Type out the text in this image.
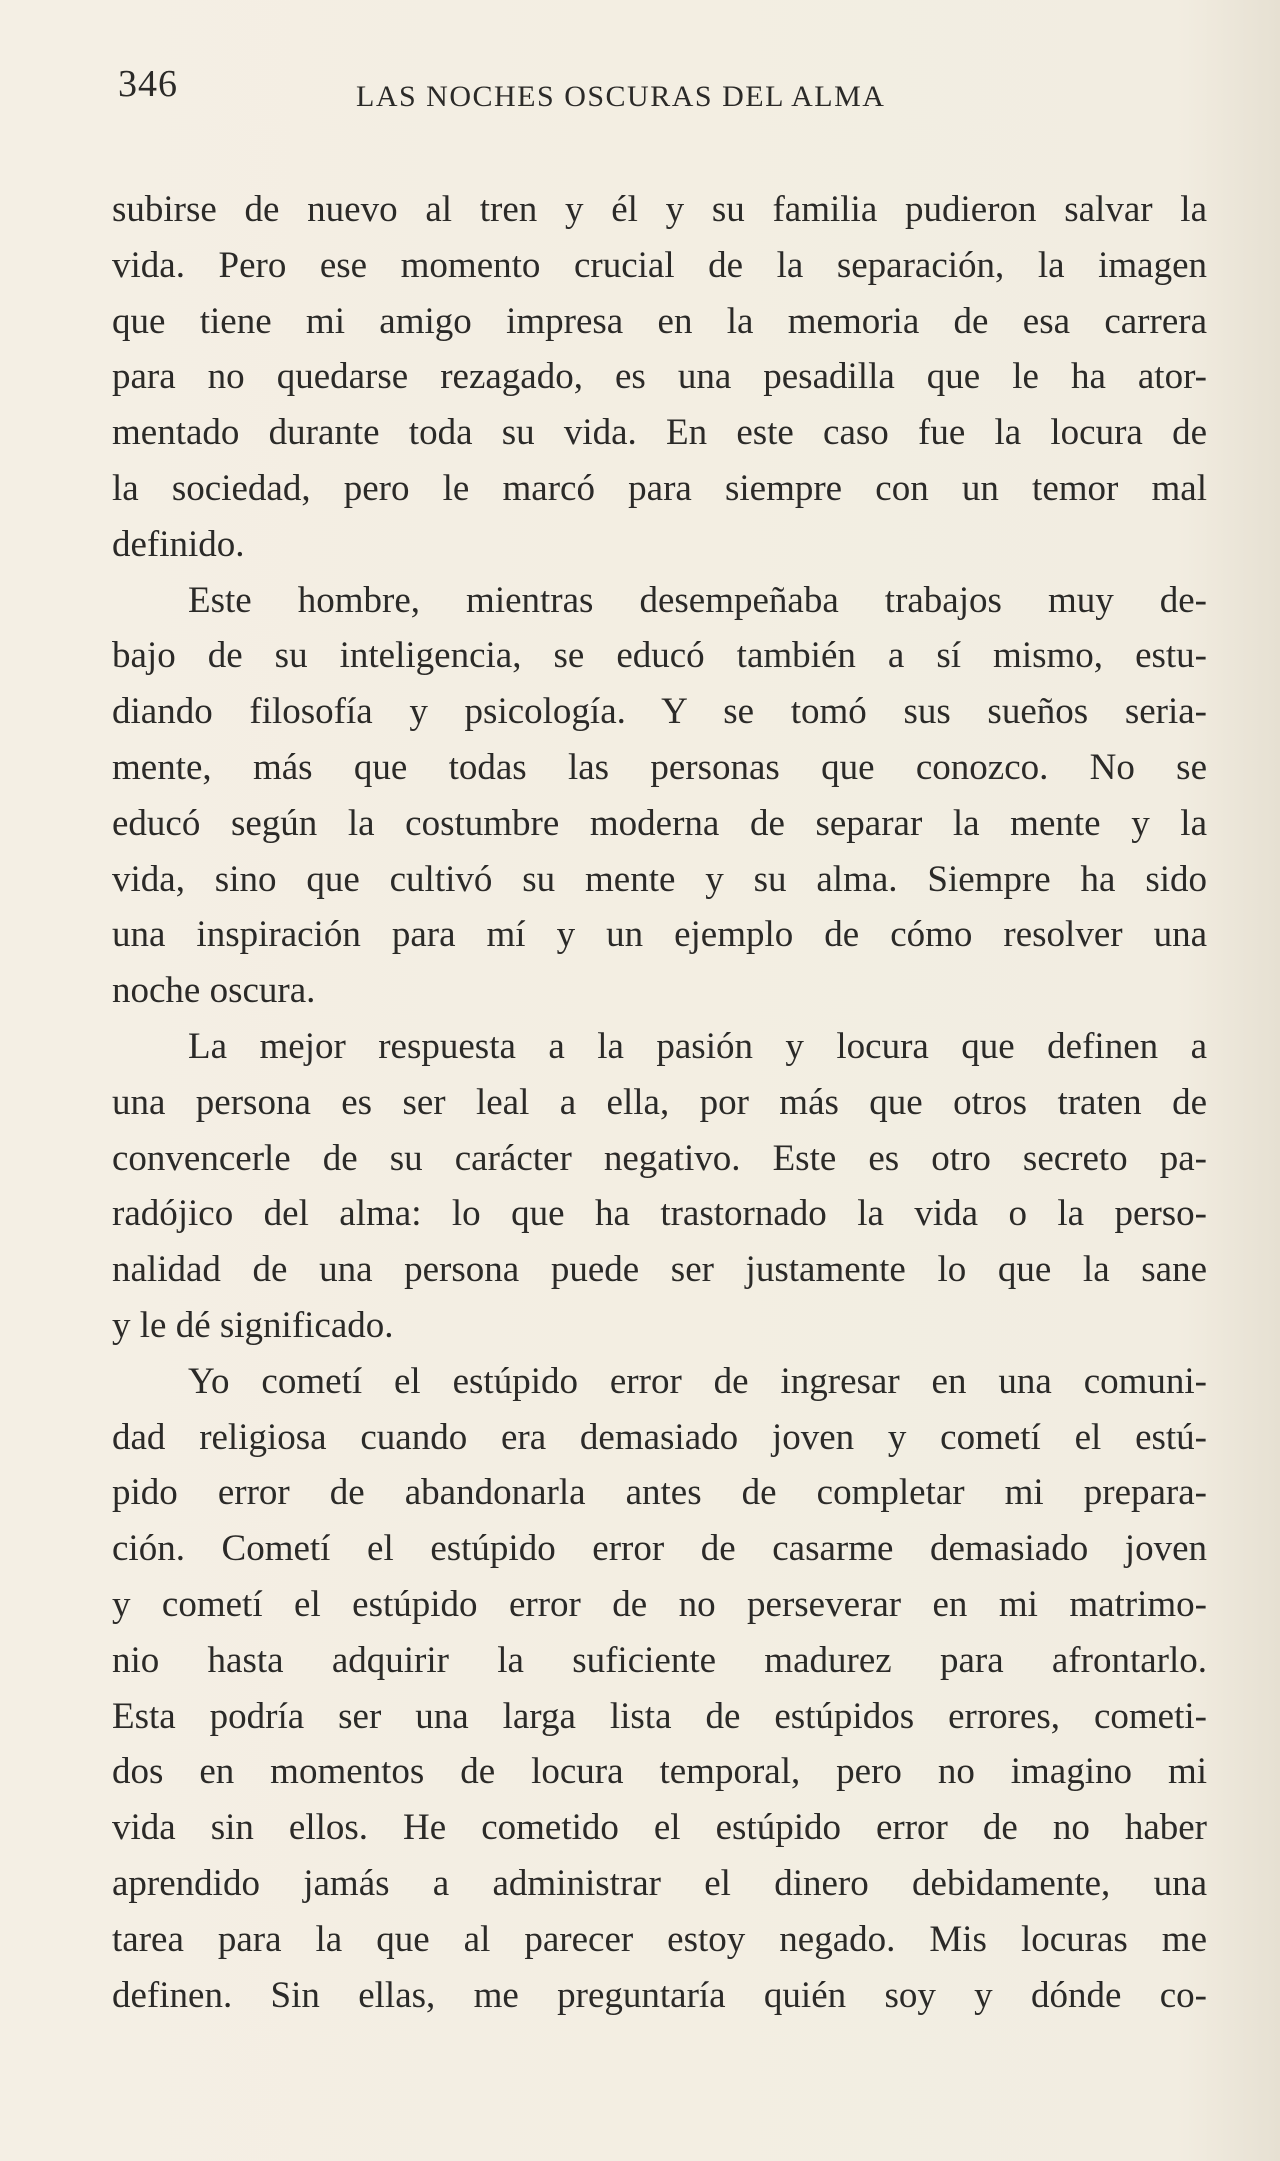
346	LAS NOCHES OSCURAS DEL ALMA
subirse de nuevo al tren y él y su familia pudieron salvar la
vida. Pero ese momento crucial de la separación, la imagen
que tiene mi amigo impresa en la memoria de esa carrera
para no quedarse rezagado, es una pesadilla que le ha ator-
mentado durante toda su vida. En este caso fue la locura de
la sociedad, pero le marcó para siempre con un temor mal
definido.
Este hombre, mientras desempeñaba trabajos muy de-
bajo de su inteligencia, se educó también a sí mismo, estu-
diando filosofía y psicología. Y se tomó sus sueños seria-
mente, más que todas las personas que conozco. No se
educó según la costumbre moderna de separar la mente y la
vida, sino que cultivó su mente y su alma. Siempre ha sido
una inspiración para mí y un ejemplo de cómo resolver una
noche oscura.
La mejor respuesta a la pasión y locura que definen a
una persona es ser leal a ella, por más que otros traten de
convencerle de su carácter negativo. Este es otro secreto pa-
radójico del alma: lo que ha trastornado la vida o la perso-
nalidad de una persona puede ser justamente lo que la sane
y le dé significado.
Yo cometí el estúpido error de ingresar en una comuni-
dad religiosa cuando era demasiado joven y cometí el estú-
pido error de abandonarla antes de completar mi prepara-
ción. Cometí el estúpido error de casarme demasiado joven
y cometí el estúpido error de no perseverar en mi matrimo-
nio hasta adquirir la suficiente madurez para afrontarlo.
Esta podría ser una larga lista de estúpidos errores, cometi-
dos en momentos de locura temporal, pero no imagino mi
vida sin ellos. He cometido el estúpido error de no haber
aprendido jamás a administrar el dinero debidamente, una
tarea para la que al parecer estoy negado. Mis locuras me
definen. Sin ellas, me preguntaría quién soy y dónde co-
